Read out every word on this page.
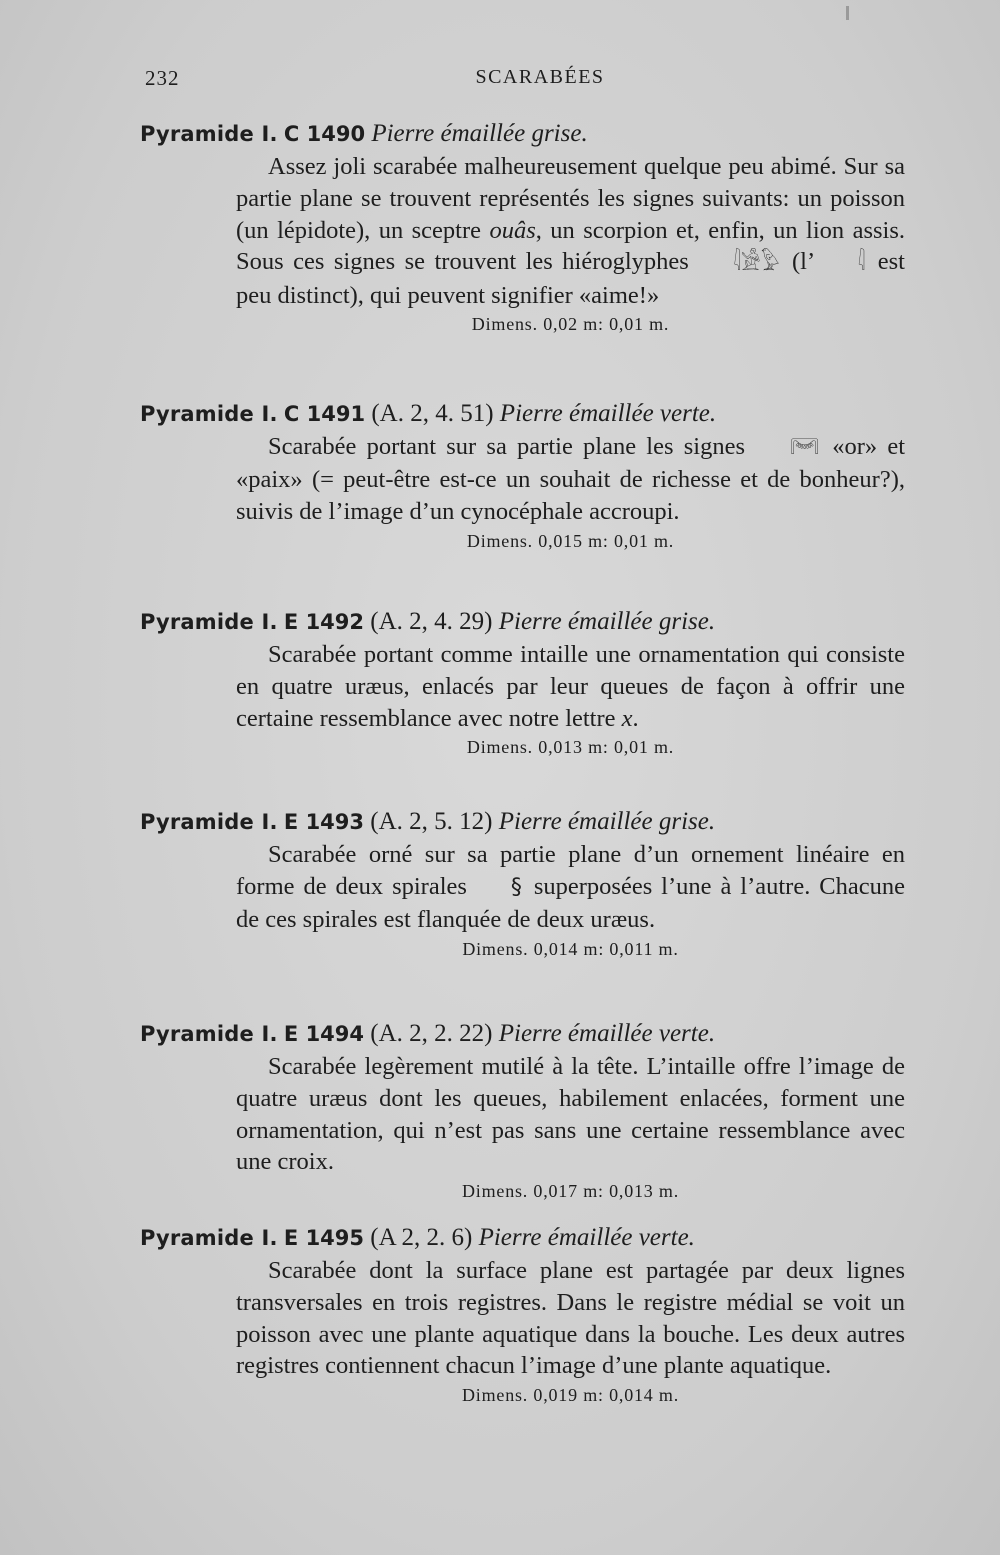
232	SCARABÉES
Pyramide I. C 1490 Pierre émaillée grise.

Assez joli scarabée malheureusement quelque peu abimé. Sur sa partie plane se trouvent représentés les signes suivants: un poisson (un lépidote), un sceptre ouâs, un scorpion et, enfin, un lion assis. Sous ces signes se trouvent les hiéroglyphes 𓇋𓀀𓅱 (l’ 𓇋 est peu distinct), qui peuvent signifier «aime!»

Dimens. 0,02 m: 0,01 m.
Pyramide I. C 1491 (A. 2, 4. 51) Pierre émaillée verte.

Scarabée portant sur sa partie plane les signes 𓋞 «or» et «paix» (= peut-être est-ce un souhait de richesse et de bonheur?), suivis de l’image d’un cynocéphale accroupi.

Dimens. 0,015 m: 0,01 m.
Pyramide I. E 1492 (A. 2, 4. 29) Pierre émaillée grise.

Scarabée portant comme intaille une ornamentation qui consiste en quatre uræus, enlacés par leur queues de façon à offrir une certaine ressemblance avec notre lettre x.

Dimens. 0,013 m: 0,01 m.
Pyramide I. E 1493 (A. 2, 5. 12) Pierre émaillée grise.

Scarabée orné sur sa partie plane d’un ornement linéaire en forme de deux spirales § superposées l’une à l’autre. Chacune de ces spirales est flanquée de deux uræus.

Dimens. 0,014 m: 0,011 m.
Pyramide I. E 1494 (A. 2, 2. 22) Pierre émaillée verte.

Scarabée legèrement mutilé à la tête. L’intaille offre l’image de quatre uræus dont les queues, habilement enlacées, forment une ornamentation, qui n’est pas sans une certaine ressemblance avec une croix.

Dimens. 0,017 m: 0,013 m.
Pyramide I. E 1495 (A 2, 2. 6) Pierre émaillée verte.

Scarabée dont la surface plane est partagée par deux lignes transversales en trois registres. Dans le registre médial se voit un poisson avec une plante aquatique dans la bouche. Les deux autres registres contiennent chacun l’image d’une plante aquatique.

Dimens. 0,019 m: 0,014 m.
